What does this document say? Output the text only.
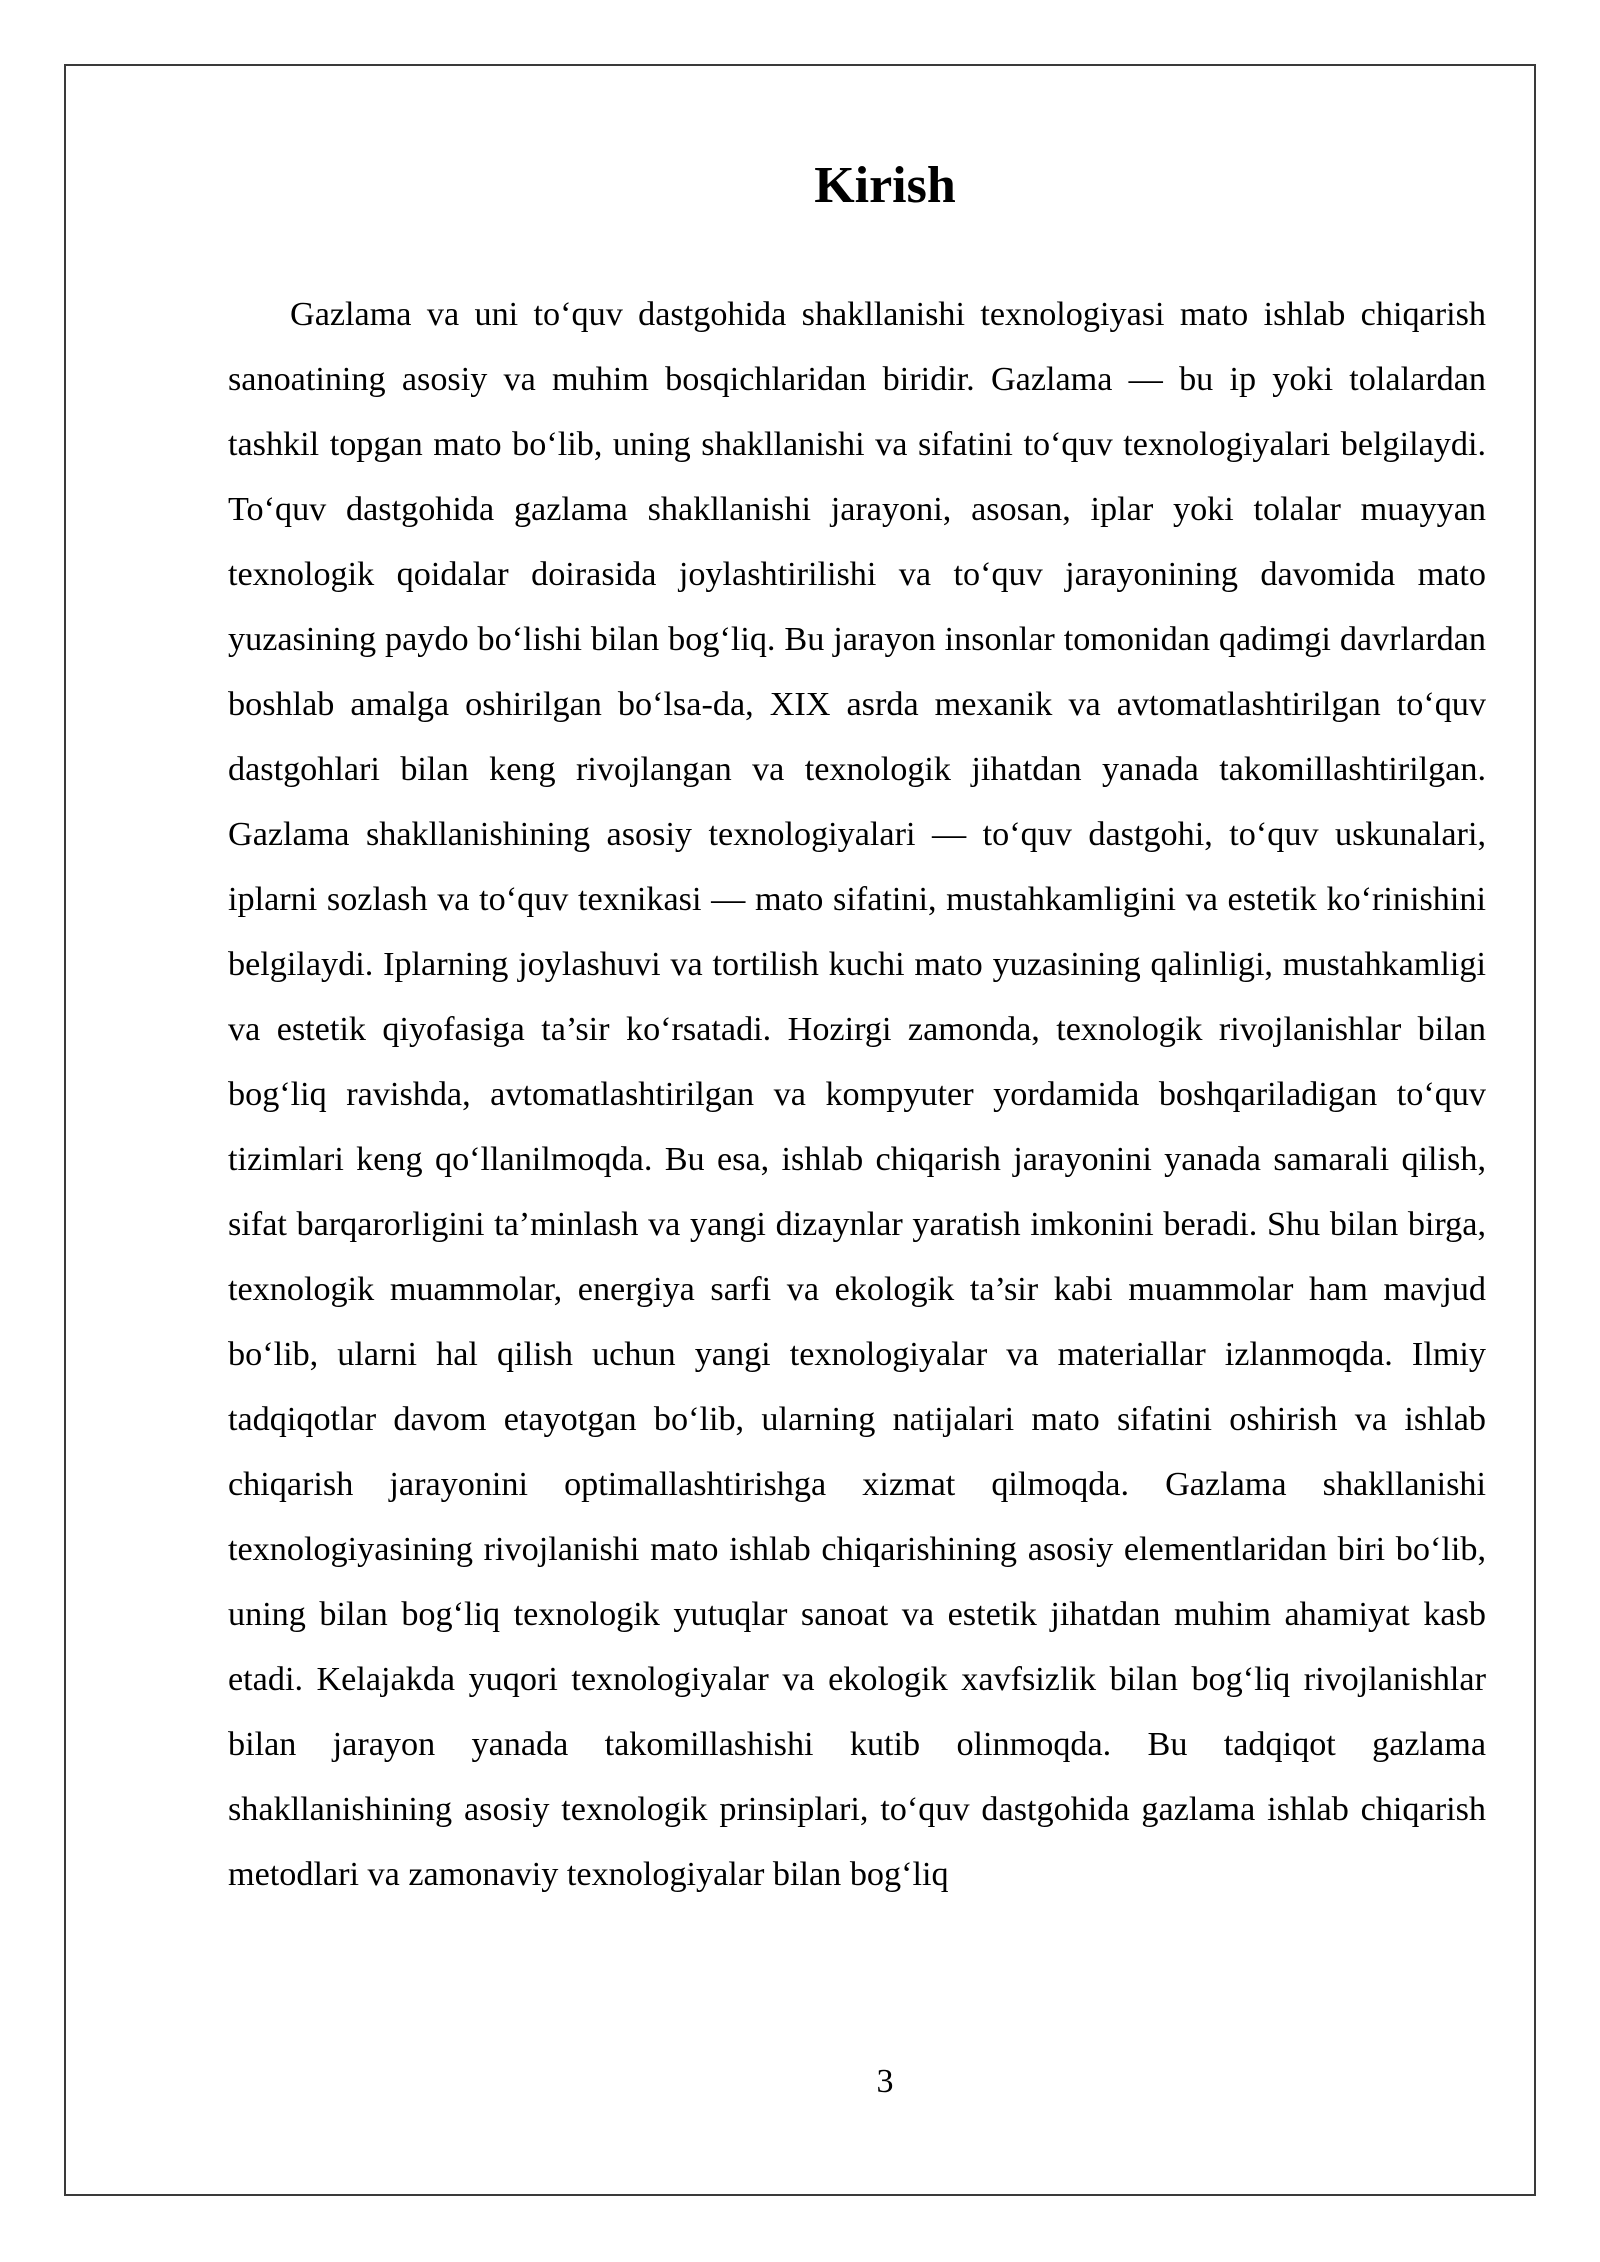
Kirish

Gazlama va uni to‘quv dastgohida shakllanishi texnologiyasi mato ishlab chiqarish sanoatining asosiy va muhim bosqichlaridan biridir. Gazlama — bu ip yoki tolalardan tashkil topgan mato bo‘lib, uning shakllanishi va sifatini to‘quv texnologiyalari belgilaydi. To‘quv dastgohida gazlama shakllanishi jarayoni, asosan, iplar yoki tolalar muayyan texnologik qoidalar doirasida joylashtirilishi va to‘quv jarayonining davomida mato yuzasining paydo bo‘lishi bilan bog‘liq. Bu jarayon insonlar tomonidan qadimgi davrlardan boshlab amalga oshirilgan bo‘lsa-da, XIX asrda mexanik va avtomatlashtirilgan to‘quv dastgohlari bilan keng rivojlangan va texnologik jihatdan yanada takomillashtirilgan. Gazlama shakllanishining asosiy texnologiyalari — to‘quv dastgohi, to‘quv uskunalari, iplarni sozlash va to‘quv texnikasi — mato sifatini, mustahkamligini va estetik ko‘rinishini belgilaydi. Iplarning joylashuvi va tortilish kuchi mato yuzasining qalinligi, mustahkamligi va estetik qiyofasiga ta’sir ko‘rsatadi. Hozirgi zamonda, texnologik rivojlanishlar bilan bog‘liq ravishda, avtomatlashtirilgan va kompyuter yordamida boshqariladigan to‘quv tizimlari keng qo‘llanilmoqda. Bu esa, ishlab chiqarish jarayonini yanada samarali qilish, sifat barqarorligini ta’minlash va yangi dizaynlar yaratish imkonini beradi. Shu bilan birga, texnologik muammolar, energiya sarfi va ekologik ta’sir kabi muammolar ham mavjud bo‘lib, ularni hal qilish uchun yangi texnologiyalar va materiallar izlanmoqda. Ilmiy tadqiqotlar davom etayotgan bo‘lib, ularning natijalari mato sifatini oshirish va ishlab chiqarish jarayonini optimallashtirishga xizmat qilmoqda. Gazlama shakllanishi texnologiyasining rivojlanishi mato ishlab chiqarishining asosiy elementlaridan biri bo‘lib, uning bilan bog‘liq texnologik yutuqlar sanoat va estetik jihatdan muhim ahamiyat kasb etadi. Kelajakda yuqori texnologiyalar va ekologik xavfsizlik bilan bog‘liq rivojlanishlar bilan jarayon yanada takomillashishi kutib olinmoqda. Bu tadqiqot gazlama shakllanishining asosiy texnologik prinsiplari, to‘quv dastgohida gazlama ishlab chiqarish metodlari va zamonaviy texnologiyalar bilan bog‘liq

3
